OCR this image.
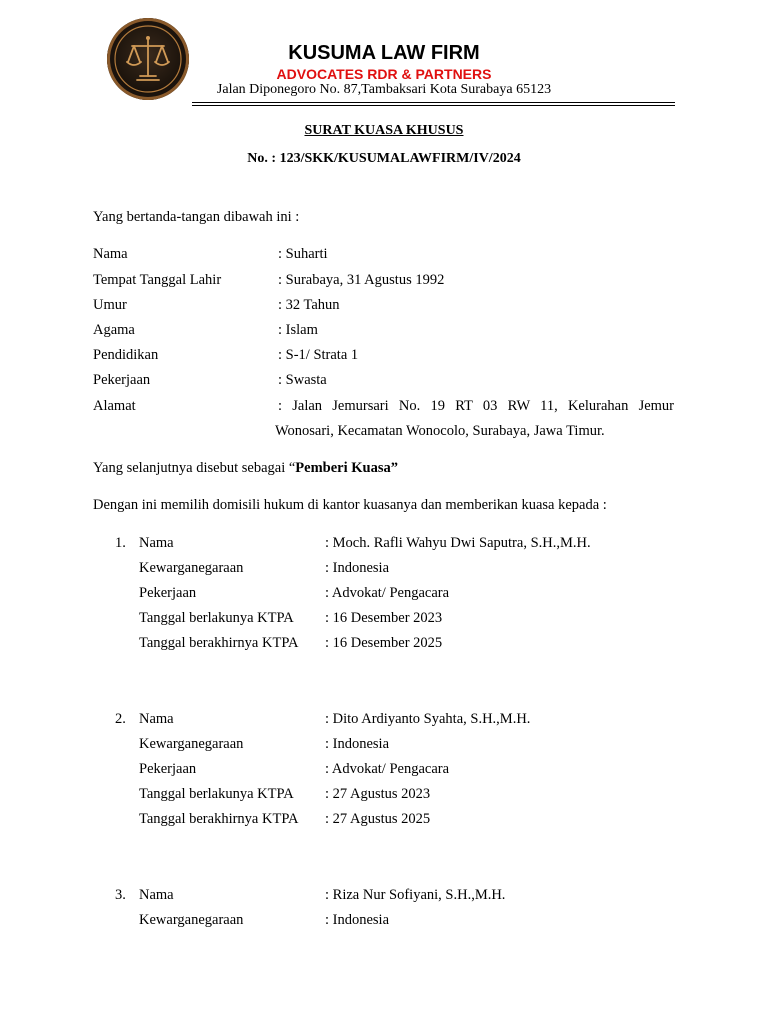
KUSUMA LAW FIRM
ADVOCATES RDR & PARTNERS
Jalan Diponegoro No. 87,Tambaksari Kota Surabaya 65123
SURAT KUASA KHUSUS
No. : 123/SKK/KUSUMALAWFIRM/IV/2024
Yang bertanda-tangan dibawah ini :
Nama	: Suharti
Tempat Tanggal Lahir	: Surabaya, 31 Agustus 1992
Umur	: 32 Tahun
Agama	: Islam
Pendidikan	: S-1/ Strata 1
Pekerjaan	: Swasta
Alamat	: Jalan Jemursari No. 19 RT 03 RW 11, Kelurahan Jemur
Wonosari, Kecamatan Wonocolo, Surabaya, Jawa Timur.
Yang selanjutnya disebut sebagai “Pemberi Kuasa”
Dengan ini memilih domisili hukum di kantor kuasanya dan memberikan kuasa kepada :
1. Nama	: Moch. Rafli Wahyu Dwi Saputra, S.H.,M.H.
Kewarganegaraan	: Indonesia
Pekerjaan	: Advokat/ Pengacara
Tanggal berlakunya KTPA : 16 Desember 2023
Tanggal berakhirnya KTPA : 16 Desember 2025
2. Nama	: Dito Ardiyanto Syahta, S.H.,M.H.
Kewarganegaraan	: Indonesia
Pekerjaan	: Advokat/ Pengacara
Tanggal berlakunya KTPA : 27 Agustus 2023
Tanggal berakhirnya KTPA : 27 Agustus 2025
3. Nama	: Riza Nur Sofiyani, S.H.,M.H.
Kewarganegaraan	: Indonesia
